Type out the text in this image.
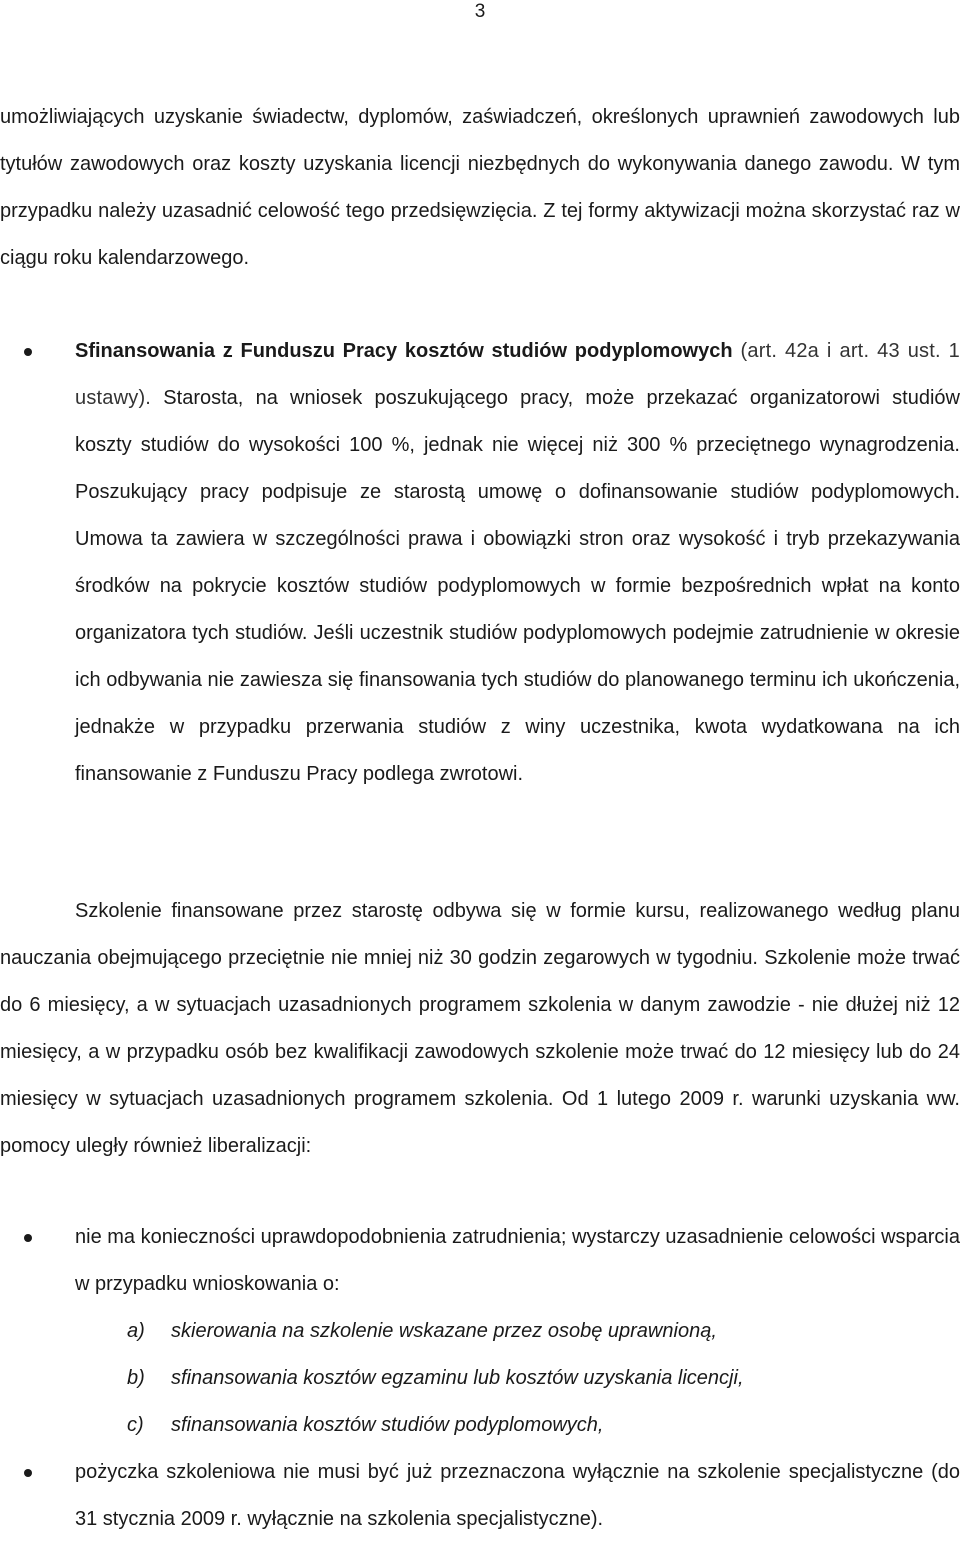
3

umożliwiających uzyskanie świadectw, dyplomów, zaświadczeń, określonych uprawnień zawodowych lub tytułów zawodowych oraz koszty uzyskania licencji niezbędnych do wykonywania danego zawodu. W tym przypadku należy uzasadnić celowość tego przedsięwzięcia. Z tej formy aktywizacji można skorzystać raz w ciągu roku kalendarzowego.

Sfinansowania z Funduszu Pracy kosztów studiów podyplomowych (art. 42a i art. 43 ust. 1 ustawy). Starosta, na wniosek poszukującego pracy, może przekazać organizatorowi studiów koszty studiów do wysokości 100 %, jednak nie więcej niż 300 % przeciętnego wynagrodzenia. Poszukujący pracy podpisuje ze starostą umowę o dofinansowanie studiów podyplomowych. Umowa ta zawiera w szczególności prawa i obowiązki stron oraz wysokość i tryb przekazywania środków na pokrycie kosztów studiów podyplomowych w formie bezpośrednich wpłat na konto organizatora tych studiów. Jeśli uczestnik studiów podyplomowych podejmie zatrudnienie w okresie ich odbywania nie zawiesza się finansowania tych studiów do planowanego terminu ich ukończenia, jednakże w przypadku przerwania studiów z winy uczestnika, kwota wydatkowana na ich finansowanie z Funduszu Pracy podlega zwrotowi.

Szkolenie finansowane przez starostę odbywa się w formie kursu, realizowanego według planu nauczania obejmującego przeciętnie nie mniej niż 30 godzin zegarowych w tygodniu. Szkolenie może trwać do 6 miesięcy, a w sytuacjach uzasadnionych programem szkolenia w danym zawodzie - nie dłużej niż 12 miesięcy, a w przypadku osób bez kwalifikacji zawodowych szkolenie może trwać do 12 miesięcy lub do 24 miesięcy w sytuacjach uzasadnionych programem szkolenia. Od 1 lutego 2009 r. warunki uzyskania ww. pomocy uległy również liberalizacji:

nie ma konieczności uprawdopodobnienia zatrudnienia; wystarczy uzasadnienie celowości wsparcia w przypadku wnioskowania o:
a) skierowania na szkolenie wskazane przez osobę uprawnioną,
b) sfinansowania kosztów egzaminu lub kosztów uzyskania licencji,
c) sfinansowania kosztów studiów podyplomowych,
pożyczka szkoleniowa nie musi być już przeznaczona wyłącznie na szkolenie specjalistyczne (do 31 stycznia 2009 r. wyłącznie na szkolenia specjalistyczne).
